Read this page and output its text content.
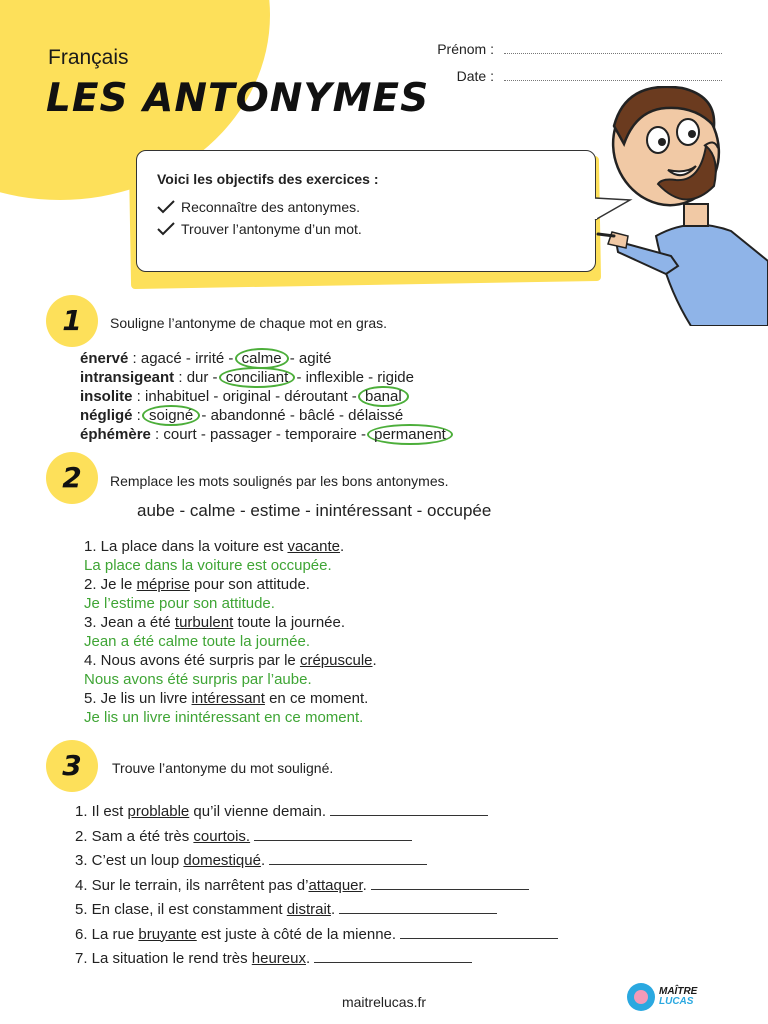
Français
LES ANTONYMES
Prénom :
Date :
Voici les objectifs des exercices :
Reconnaître des antonymes.
Trouver l’antonyme d’un mot.
1	Souligne l’antonyme de chaque mot en gras.
énervé : agacé - irrité - calme - agité
intransigeant : dur - conciliant - inflexible - rigide
insolite : inhabituel - original - déroutant - banal
négligé : soigné - abandonné - bâclé - délaissé
éphémère : court - passager - temporaire - permanent
2	Remplace les mots soulignés par les bons antonymes.
aube - calme - estime - inintéressant - occupée
1. La place dans la voiture est vacante.
La place dans la voiture est occupée.
2. Je le méprise pour son attitude.
Je l’estime pour son attitude.
3. Jean a été turbulent toute la journée.
Jean a été calme toute la journée.
4. Nous avons été surpris par le crépuscule.
Nous avons été surpris par l’aube.
5. Je lis un livre intéressant en ce moment.
Je lis un livre inintéressant en ce moment.
3	Trouve l’antonyme du mot souligné.
1. Il est problable qu’il vienne demain.
2. Sam a été très courtois.
3. C’est un loup domestiqué.
4. Sur le terrain, ils narrêtent pas d’attaquer.
5. En clase, il est constamment distrait.
6. La rue bruyante est juste à côté de la mienne.
7. La situation le rend très heureux.
maitrelucas.fr
MAÎTRE
LUCAS
